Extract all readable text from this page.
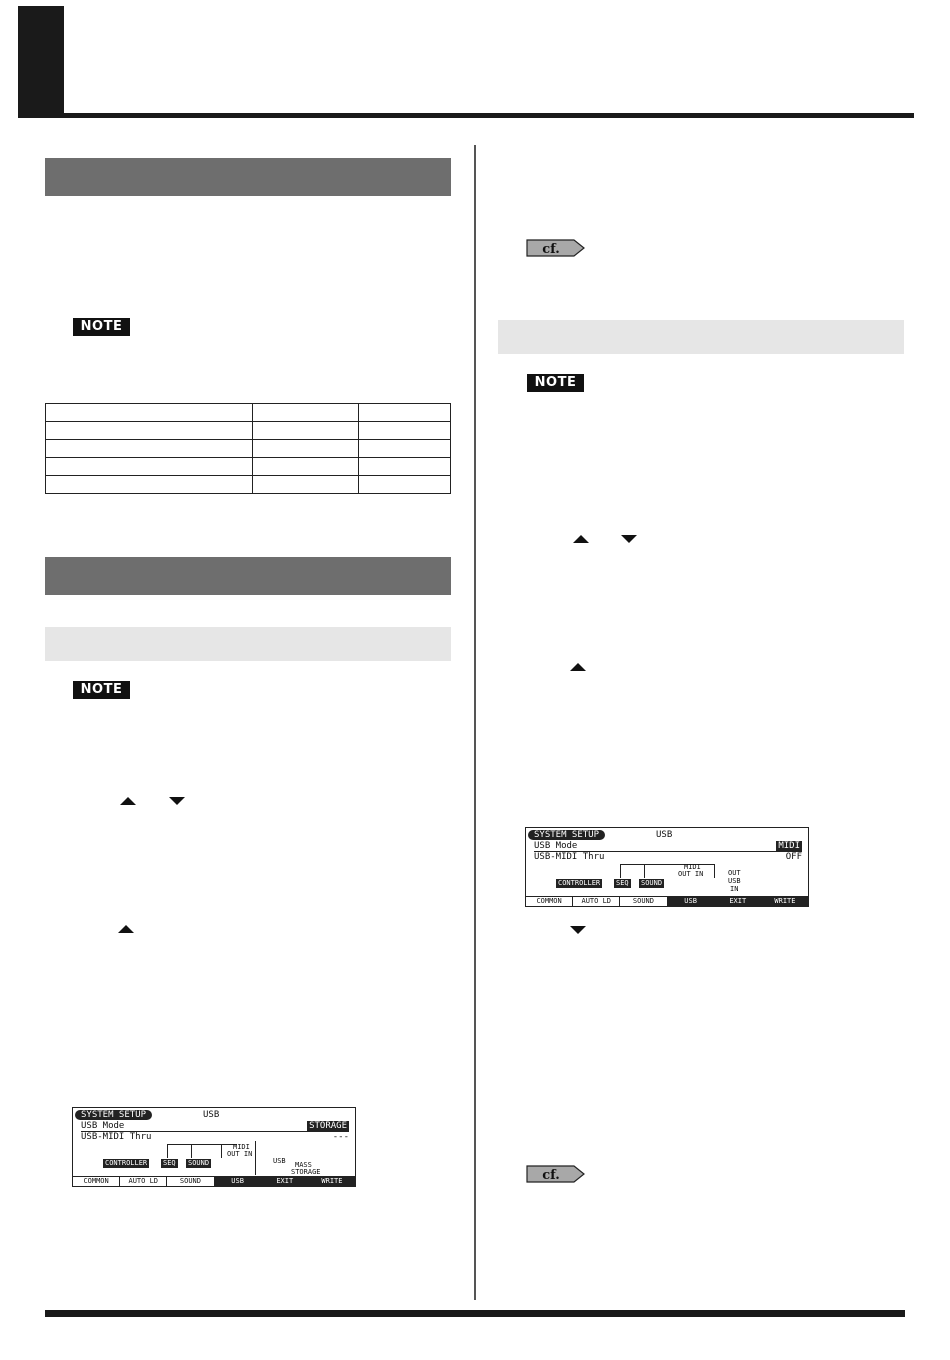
NOTE

NOTE
SYSTEM SETUP	USB
USB Mode	STORAGE
USB-MIDI Thru	---
CONTROLLER SEQ SOUND
MIDI
OUT IN
USB MASS
STORAGE
COMMON	AUTO LD	SOUND	USB	EXIT	WRITE
cf.
NOTE
SYSTEM SETUP	USB
USB Mode	MIDI
USB-MIDI Thru	OFF
CONTROLLER SEQ SOUND
MIDI
OUT IN	OUT
USB
IN
COMMON	AUTO LD	SOUND	USB	EXIT	WRITE
cf.
